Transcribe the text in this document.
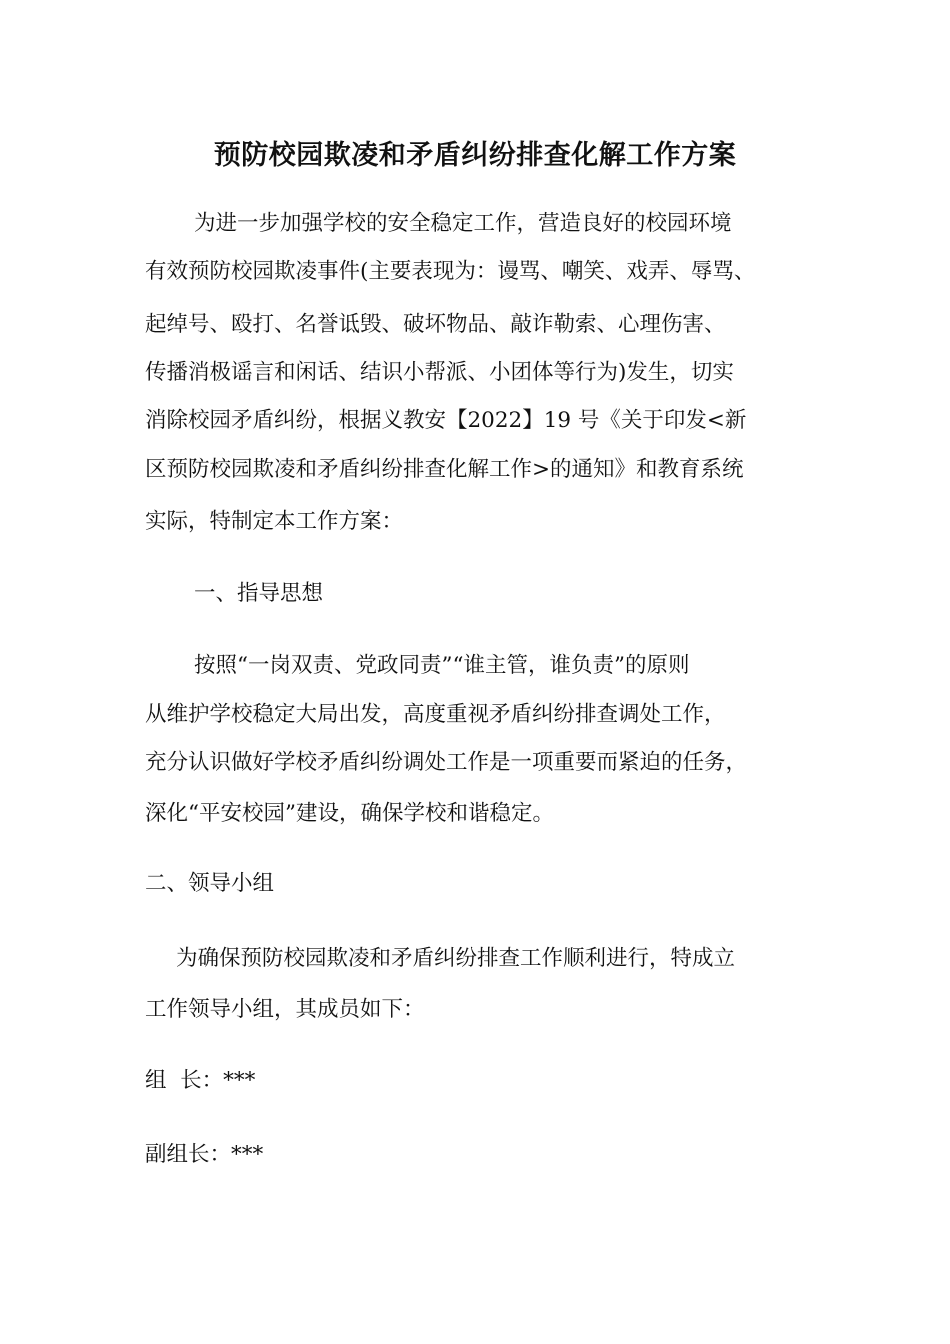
预防校园欺凌和矛盾纠纷排查化解工作方案

为进一步加强学校的安全稳定工作，营造良好的校园环境

有效预防校园欺凌事件(主要表现为：谩骂、嘲笑、戏弄、辱骂、

起绰号、殴打、名誉诋毁、破坏物品、敲诈勒索、心理伤害、

传播消极谣言和闲话、结识小帮派、小团体等行为)发生，切实

消除校园矛盾纠纷，根据义教安【2022】19 号《关于印发<新

区预防校园欺凌和矛盾纠纷排查化解工作>的通知》和教育系统

实际，特制定本工作方案：

一、指导思想

按照“一岗双责、党政同责”“谁主管，谁负责”的原则

从维护学校稳定大局出发，高度重视矛盾纠纷排查调处工作，

充分认识做好学校矛盾纠纷调处工作是一项重要而紧迫的任务，

深化“平安校园”建设，确保学校和谐稳定。

二、领导小组

为确保预防校园欺凌和矛盾纠纷排查工作顺利进行，特成立

工作领导小组，其成员如下：

组  长：***

副组长：***
